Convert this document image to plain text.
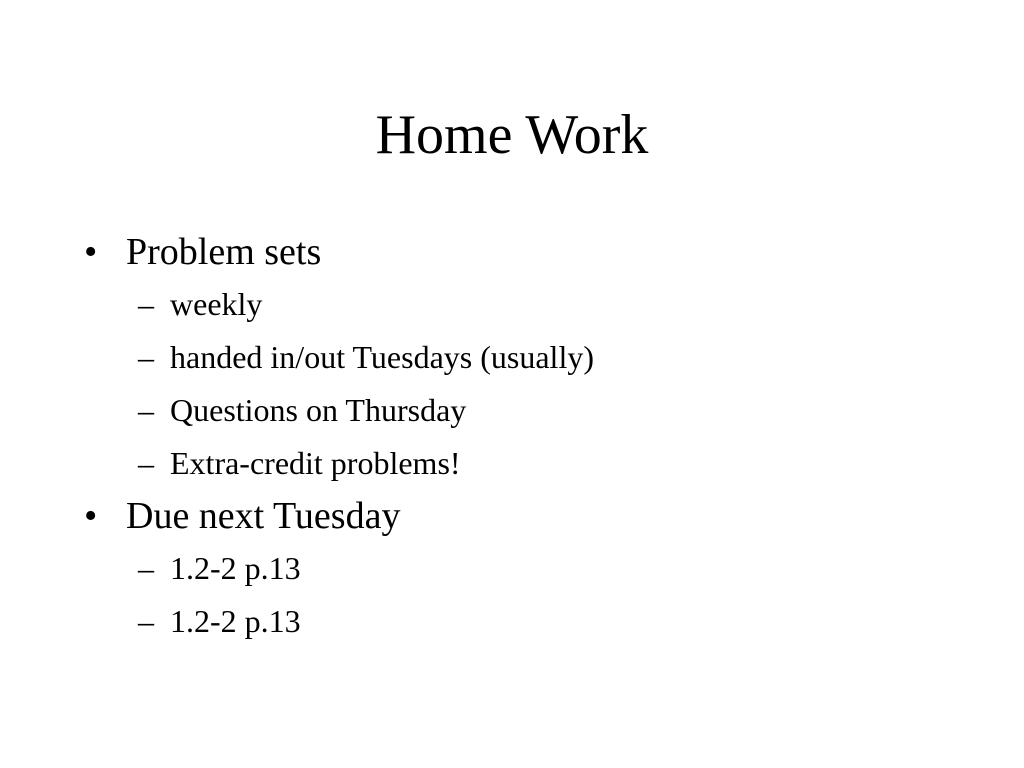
Home Work
• Problem sets
– weekly
– handed in/out Tuesdays (usually)
– Questions on Thursday
– Extra-credit problems!
• Due next Tuesday
– 1.2-2 p.13
– 1.2-2 p.13
